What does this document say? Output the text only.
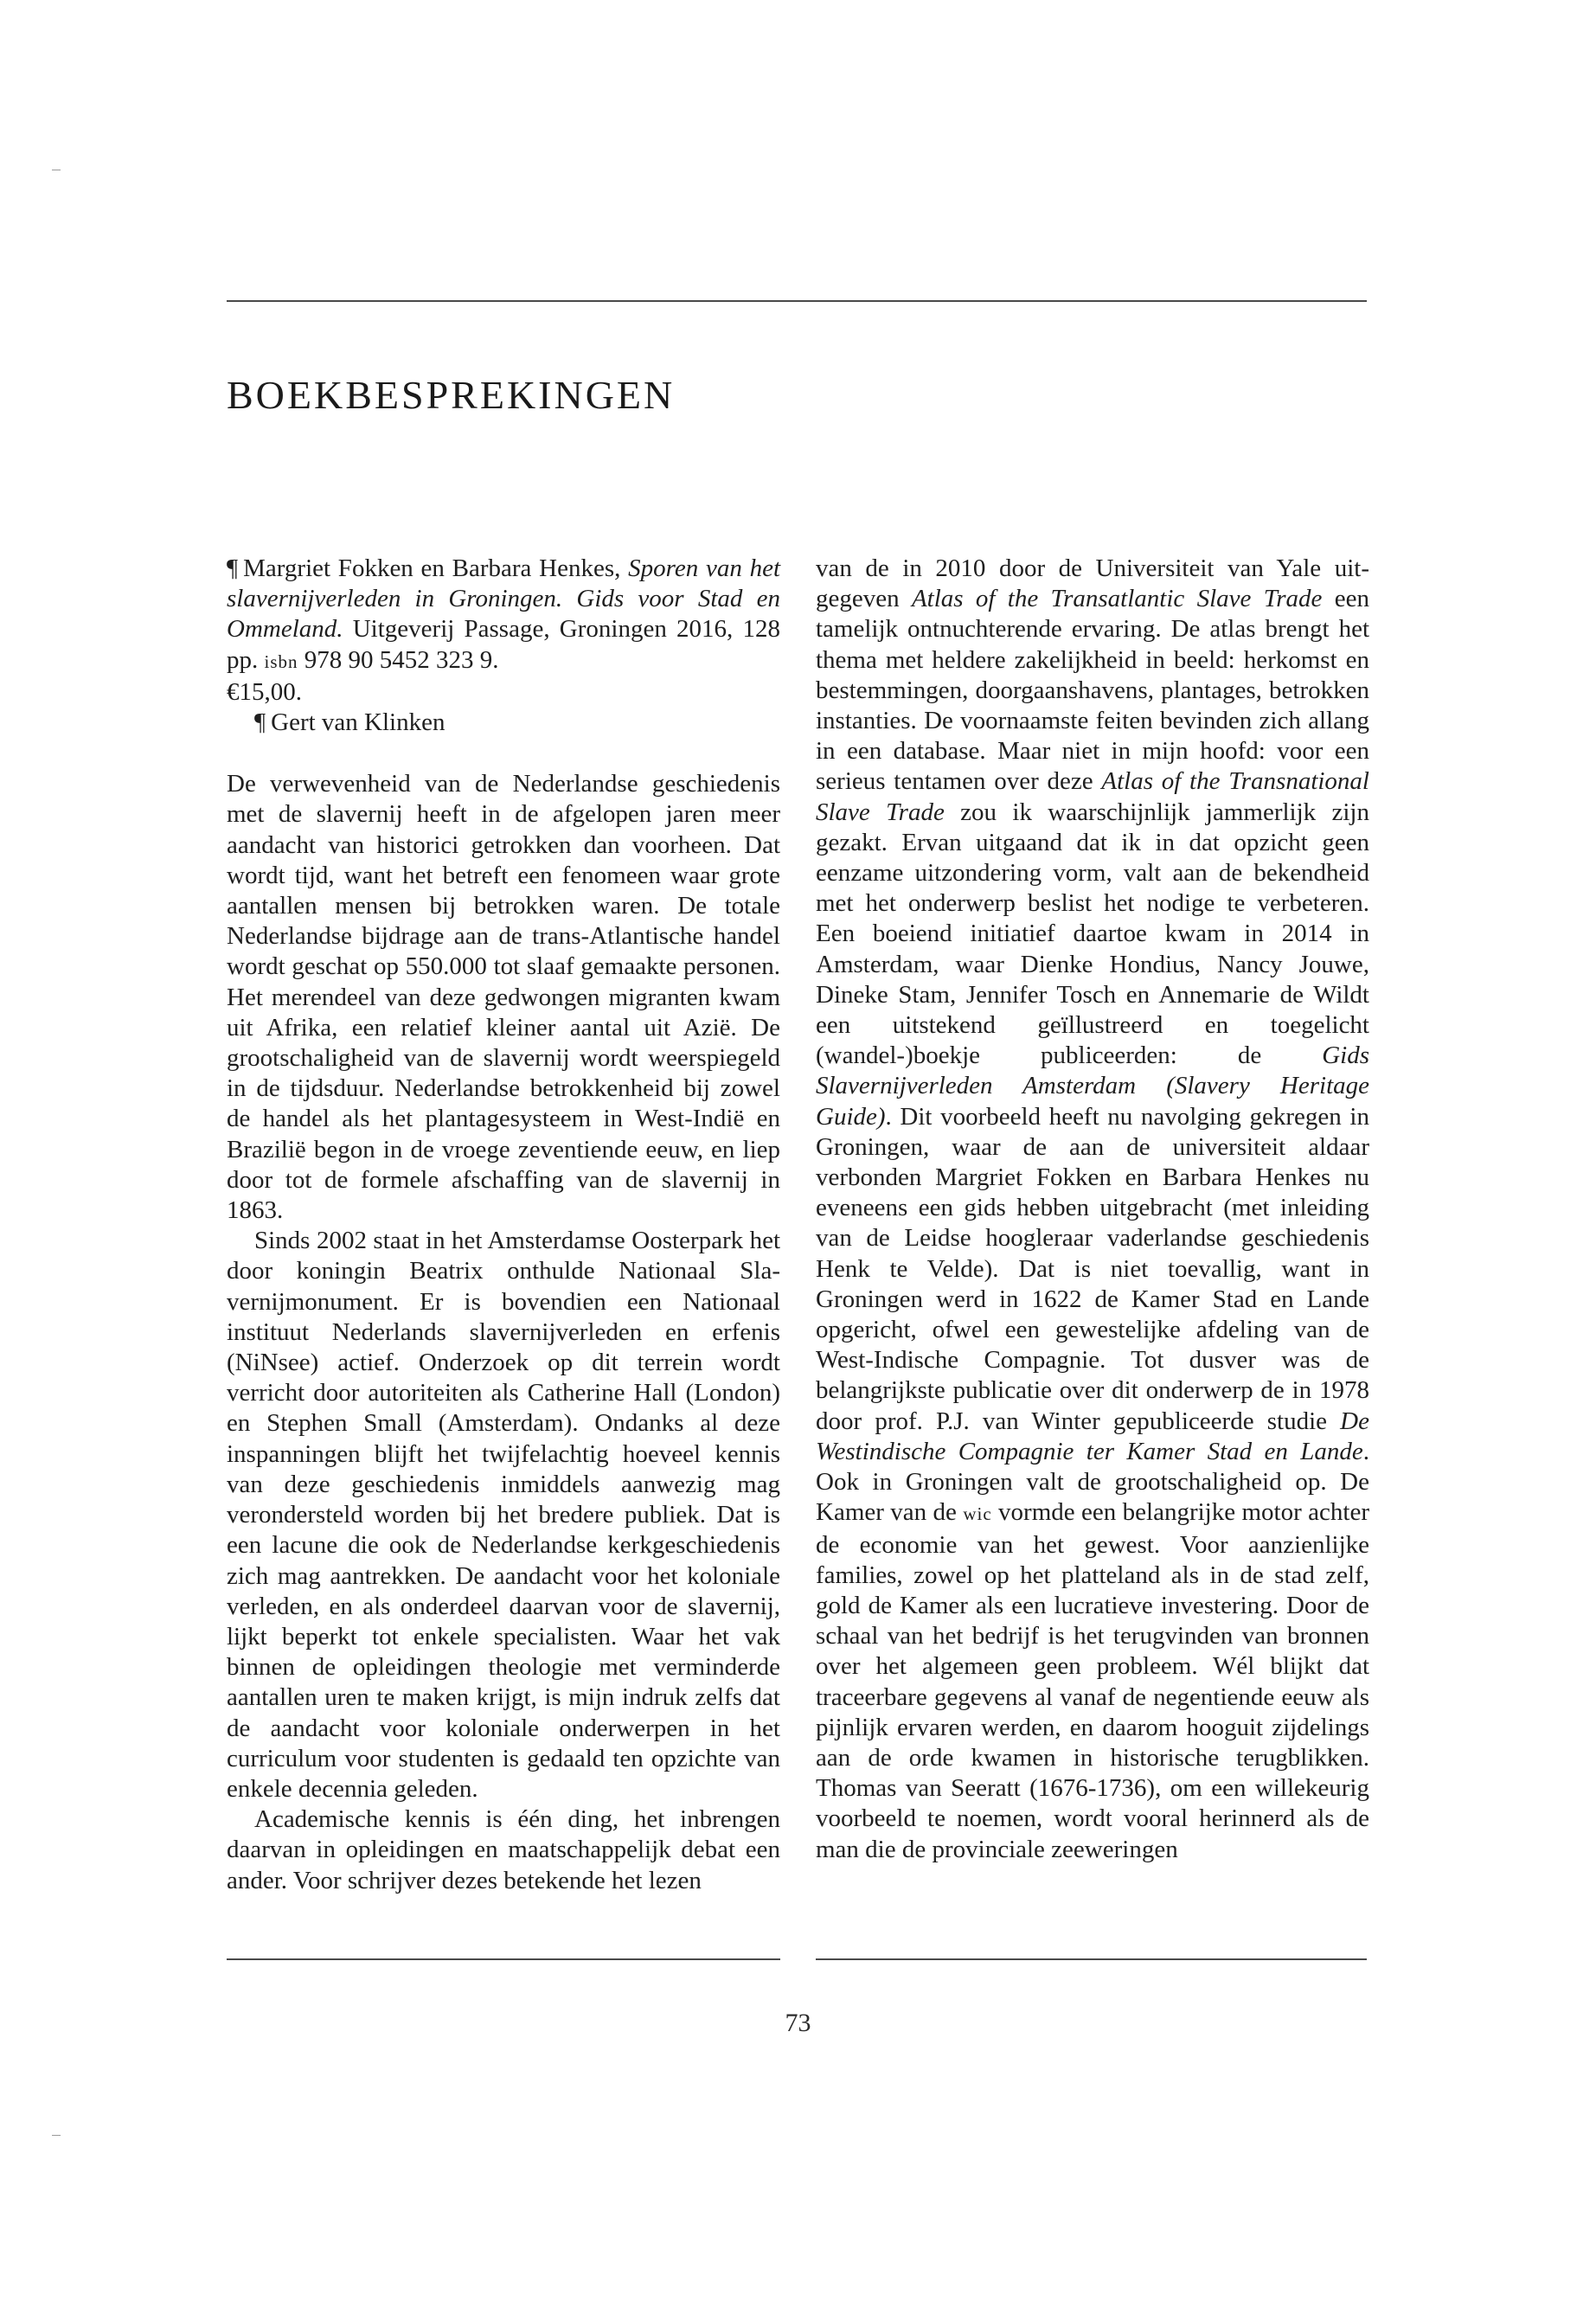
BOEKBESPREKINGEN

¶ Margriet Fokken en Barbara Henkes, Sporen van het slavernijverleden in Groningen. Gids voor Stad en Ommeland. Uitgeverij Passage, Groningen 2016, 128 pp. isbn 978 90 5452 323 9.
€15,00.

¶ Gert van Klinken

De verwevenheid van de Nederlandse geschiedenis met de slavernij heeft in de afgelopen jaren meer aandacht van historici getrokken dan voorheen. Dat wordt tijd, want het betreft een fenomeen waar grote aantallen mensen bij betrokken waren. De totale Nederlandse bijdrage aan de trans-Atlantische handel wordt geschat op 550.000 tot slaaf gemaakte personen. Het merendeel van deze gedwongen migranten kwam uit Afrika, een relatief kleiner aantal uit Azië. De grootschaligheid van de slavernij wordt weerspiegeld in de tijdsduur. Nederlandse betrokkenheid bij zowel de handel als het plantagesysteem in West-Indië en Brazilië begon in de vroege zeventiende eeuw, en liep door tot de formele afschaffing van de slavernij in 1863.

Sinds 2002 staat in het Amsterdamse Oosterpark het door koningin Beatrix onthulde Nationaal Slavernijmonument. Er is bovendien een Nationaal instituut Nederlands slavernijverleden en erfenis (NiNsee) actief. Onderzoek op dit terrein wordt verricht door autoriteiten als Catherine Hall (London) en Stephen Small (Amsterdam). Ondanks al deze inspanningen blijft het twijfelachtig hoeveel kennis van deze geschiedenis inmiddels aanwezig mag verondersteld worden bij het bredere publiek. Dat is een lacune die ook de Nederlandse kerkgeschiedenis zich mag aantrekken. De aandacht voor het koloniale verleden, en als onderdeel daarvan voor de slavernij, lijkt beperkt tot enkele specialisten. Waar het vak binnen de opleidingen theologie met verminderde aantallen uren te maken krijgt, is mijn indruk zelfs dat de aandacht voor koloniale onderwerpen in het curriculum voor studenten is gedaald ten opzichte van enkele decennia geleden.

Academische kennis is één ding, het inbrengen daarvan in opleidingen en maatschappelijk debat een ander. Voor schrijver dezes betekende het lezen

van de in 2010 door de Universiteit van Yale uitgegeven Atlas of the Transatlantic Slave Trade een tamelijk ontnuchterende ervaring. De atlas brengt het thema met heldere zakelijkheid in beeld: herkomst en bestemmingen, doorgaanshavens, plantages, betrokken instanties. De voornaamste feiten bevinden zich allang in een database. Maar niet in mijn hoofd: voor een serieus tentamen over deze Atlas of the Transnational Slave Trade zou ik waarschijnlijk jammerlijk zijn gezakt. Ervan uitgaand dat ik in dat opzicht geen eenzame uitzondering vorm, valt aan de bekendheid met het onderwerp beslist het nodige te verbeteren. Een boeiend initiatief daartoe kwam in 2014 in Amsterdam, waar Dienke Hondius, Nancy Jouwe, Dineke Stam, Jennifer Tosch en Annemarie de Wildt een uitstekend geïllustreerd en toegelicht (wandel-)boekje publiceerden: de Gids Slavernijverleden Amsterdam (Slavery Heritage Guide). Dit voorbeeld heeft nu navolging gekregen in Groningen, waar de aan de universiteit aldaar verbonden Margriet Fokken en Barbara Henkes nu eveneens een gids hebben uitgebracht (met inleiding van de Leidse hoogleraar vaderlandse geschiedenis Henk te Velde). Dat is niet toevallig, want in Groningen werd in 1622 de Kamer Stad en Lande opgericht, ofwel een gewestelijke afdeling van de West-Indische Compagnie. Tot dusver was de belangrijkste publicatie over dit onderwerp de in 1978 door prof. P.J. van Winter gepubliceerde studie De Westindische Compagnie ter Kamer Stad en Lande. Ook in Groningen valt de grootschaligheid op. De Kamer van de wic vormde een belangrijke motor achter de economie van het gewest. Voor aanzienlijke families, zowel op het platteland als in de stad zelf, gold de Kamer als een lucratieve investering. Door de schaal van het bedrijf is het terugvinden van bronnen over het algemeen geen probleem. Wél blijkt dat traceerbare gegevens al vanaf de negentiende eeuw als pijnlijk ervaren werden, en daarom hooguit zijdelings aan de orde kwamen in historische terugblikken. Thomas van Seeratt (1676-1736), om een willekeurig voorbeeld te noemen, wordt vooral herinnerd als de man die de provinciale zeeweringen

73
